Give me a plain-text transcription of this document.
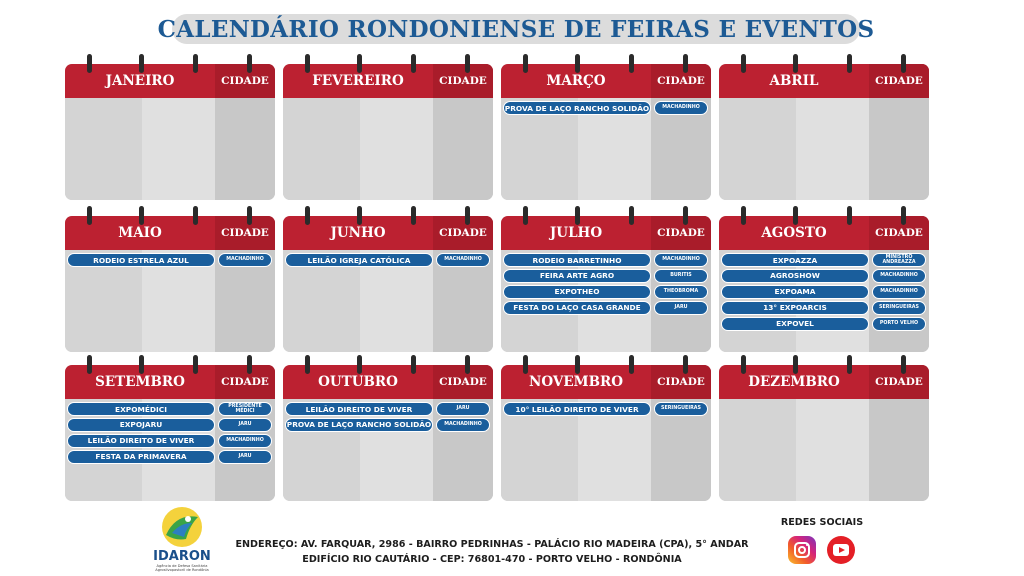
CALENDÁRIO RONDONIENSE DE FEIRAS E EVENTOS
JANEIRO	CIDADE	FEVEREIRO	CIDADE	MARÇO	CIDADE
PROVA DE LAÇO RANCHO SOLIDÃO	MACHADINHO
ABRIL	CIDADE
MAIO	CIDADE
RODEIO ESTRELA AZUL	MACHADINHO
JUNHO	CIDADE
LEILÃO IGREJA CATÓLICA	MACHADINHO
JULHO	CIDADE
RODEIO BARRETINHO	MACHADINHO
FEIRA ARTE AGRO	BURITIS
EXPOTHEO	THEOBROMA
FESTA DO LAÇO CASA GRANDE	JARU
AGOSTO	CIDADE
EXPOAZZA	MINISTRO ANDREAZZA
AGROSHOW	MACHADINHO
EXPOAMA	MACHADINHO
13° EXPOARCIS	SERINGUEIRAS
EXPOVEL	PORTO VELHO
SETEMBRO	CIDADE
EXPOMÉDICI	PRESIDENTE MÉDICI
EXPOJARU	JARU
LEILÃO DIREITO DE VIVER	MACHADINHO
FESTA DA PRIMAVERA	JARU
OUTUBRO	CIDADE
LEILÃO DIREITO DE VIVER	JARU
PROVA DE LAÇO RANCHO SOLIDÃO	MACHADINHO
NOVEMBRO	CIDADE
10° LEILÃO DIREITO DE VIVER	SERINGUEIRAS
DEZEMBRO	CIDADE
IDARON
Agência de Defesa Sanitária Agrosilvopastoril de Rondônia
ENDEREÇO: AV. FARQUAR, 2986 - BAIRRO PEDRINHAS - PALÁCIO RIO MADEIRA (CPA), 5° ANDAR
EDIFÍCIO RIO CAUTÁRIO - CEP: 76801-470 - PORTO VELHO - RONDÔNIA
REDES SOCIAIS
